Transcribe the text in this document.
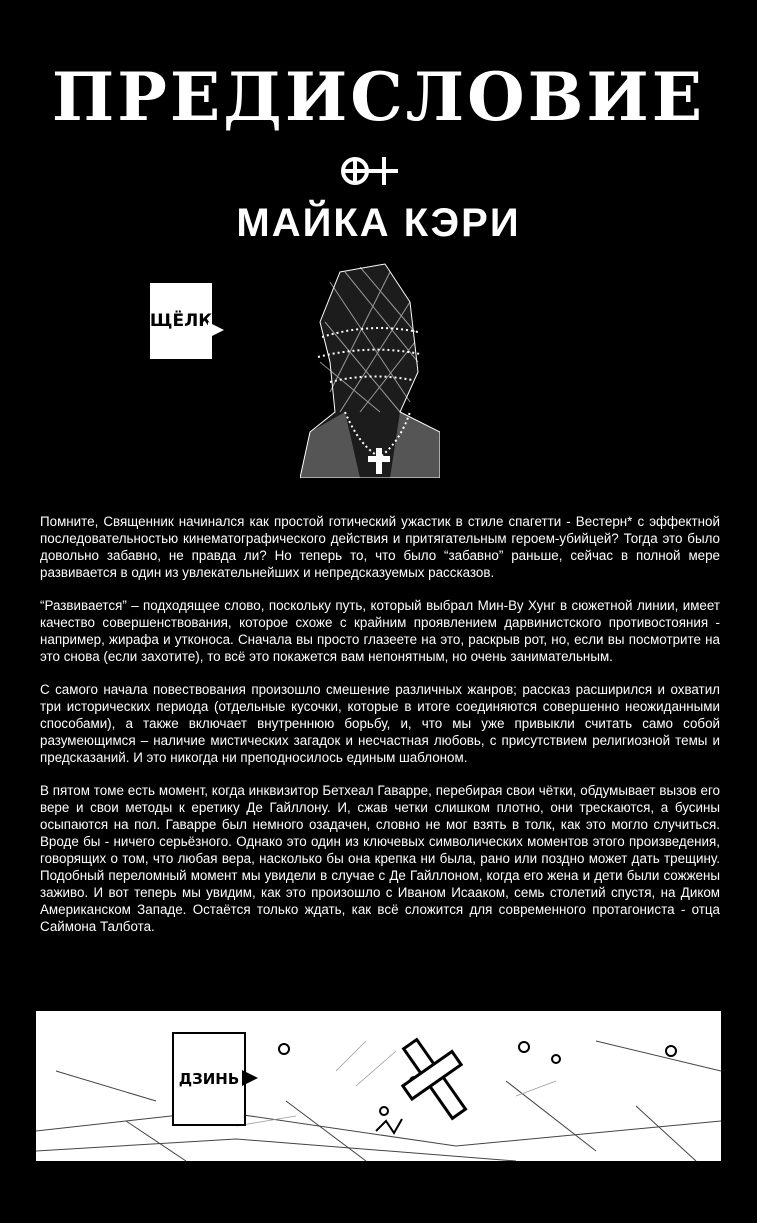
ПРЕДИСЛОВИЕ
МАЙКА КЭРИ
ЩЁЛК

Помните, Священник начинался как простой готический ужастик в стиле спагетти - Вестерн* с эффектной последовательностью кинематографического действия и притягательным героем-убийцей? Тогда это было довольно забавно, не правда ли? Но теперь то, что было “забавно” раньше, сейчас в полной мере развивается в один из увлекательнейших и непредсказуемых рассказов.

“Развивается” – подходящее слово, поскольку путь, который выбрал Мин-Ву Хунг в сюжетной линии, имеет качество совершенствования, которое схоже с крайним проявлением дарвинистского противостояния - например, жирафа и утконоса. Сначала вы просто глазеете на это, раскрыв рот, но, если вы посмотрите на это снова (если захотите), то всё это покажется вам непонятным, но очень занимательным.

С самого начала повествования произошло смешение различных жанров; рассказ расширился и охватил три исторических периода (отдельные кусочки, которые в итоге соединяются совершенно неожиданными способами), а также включает внутреннюю борьбу, и, что мы уже привыкли считать само собой разумеющимся – наличие мистических загадок и несчастная любовь, с присутствием религиозной темы и предсказаний. И это никогда ни преподносилось единым шаблоном.

В пятом томе есть момент, когда инквизитор Бетхеал Гаварре, перебирая свои чётки, обдумывает вызов его вере и свои методы к еретику Де Гайллону. И, сжав четки слишком плотно, они трескаются, а бусины осыпаются на пол. Гаварре был немного озадачен, словно не мог взять в толк, как это могло случиться. Вроде бы - ничего серьёзного. Однако это один из ключевых символических моментов этого произведения, говорящих о том, что любая вера, насколько бы она крепка ни была, рано или поздно может дать трещину. Подобный переломный момент мы увидели в случае с Де Гайллоном, когда его жена и дети были сожжены заживо. И вот теперь мы увидим, как это произошло с Иваном Исааком, семь столетий спустя, на Диком Американском Западе. Остаётся только ждать, как всё сложится для современного протагониста - отца Саймона Талбота.

ДЗИНЬ
